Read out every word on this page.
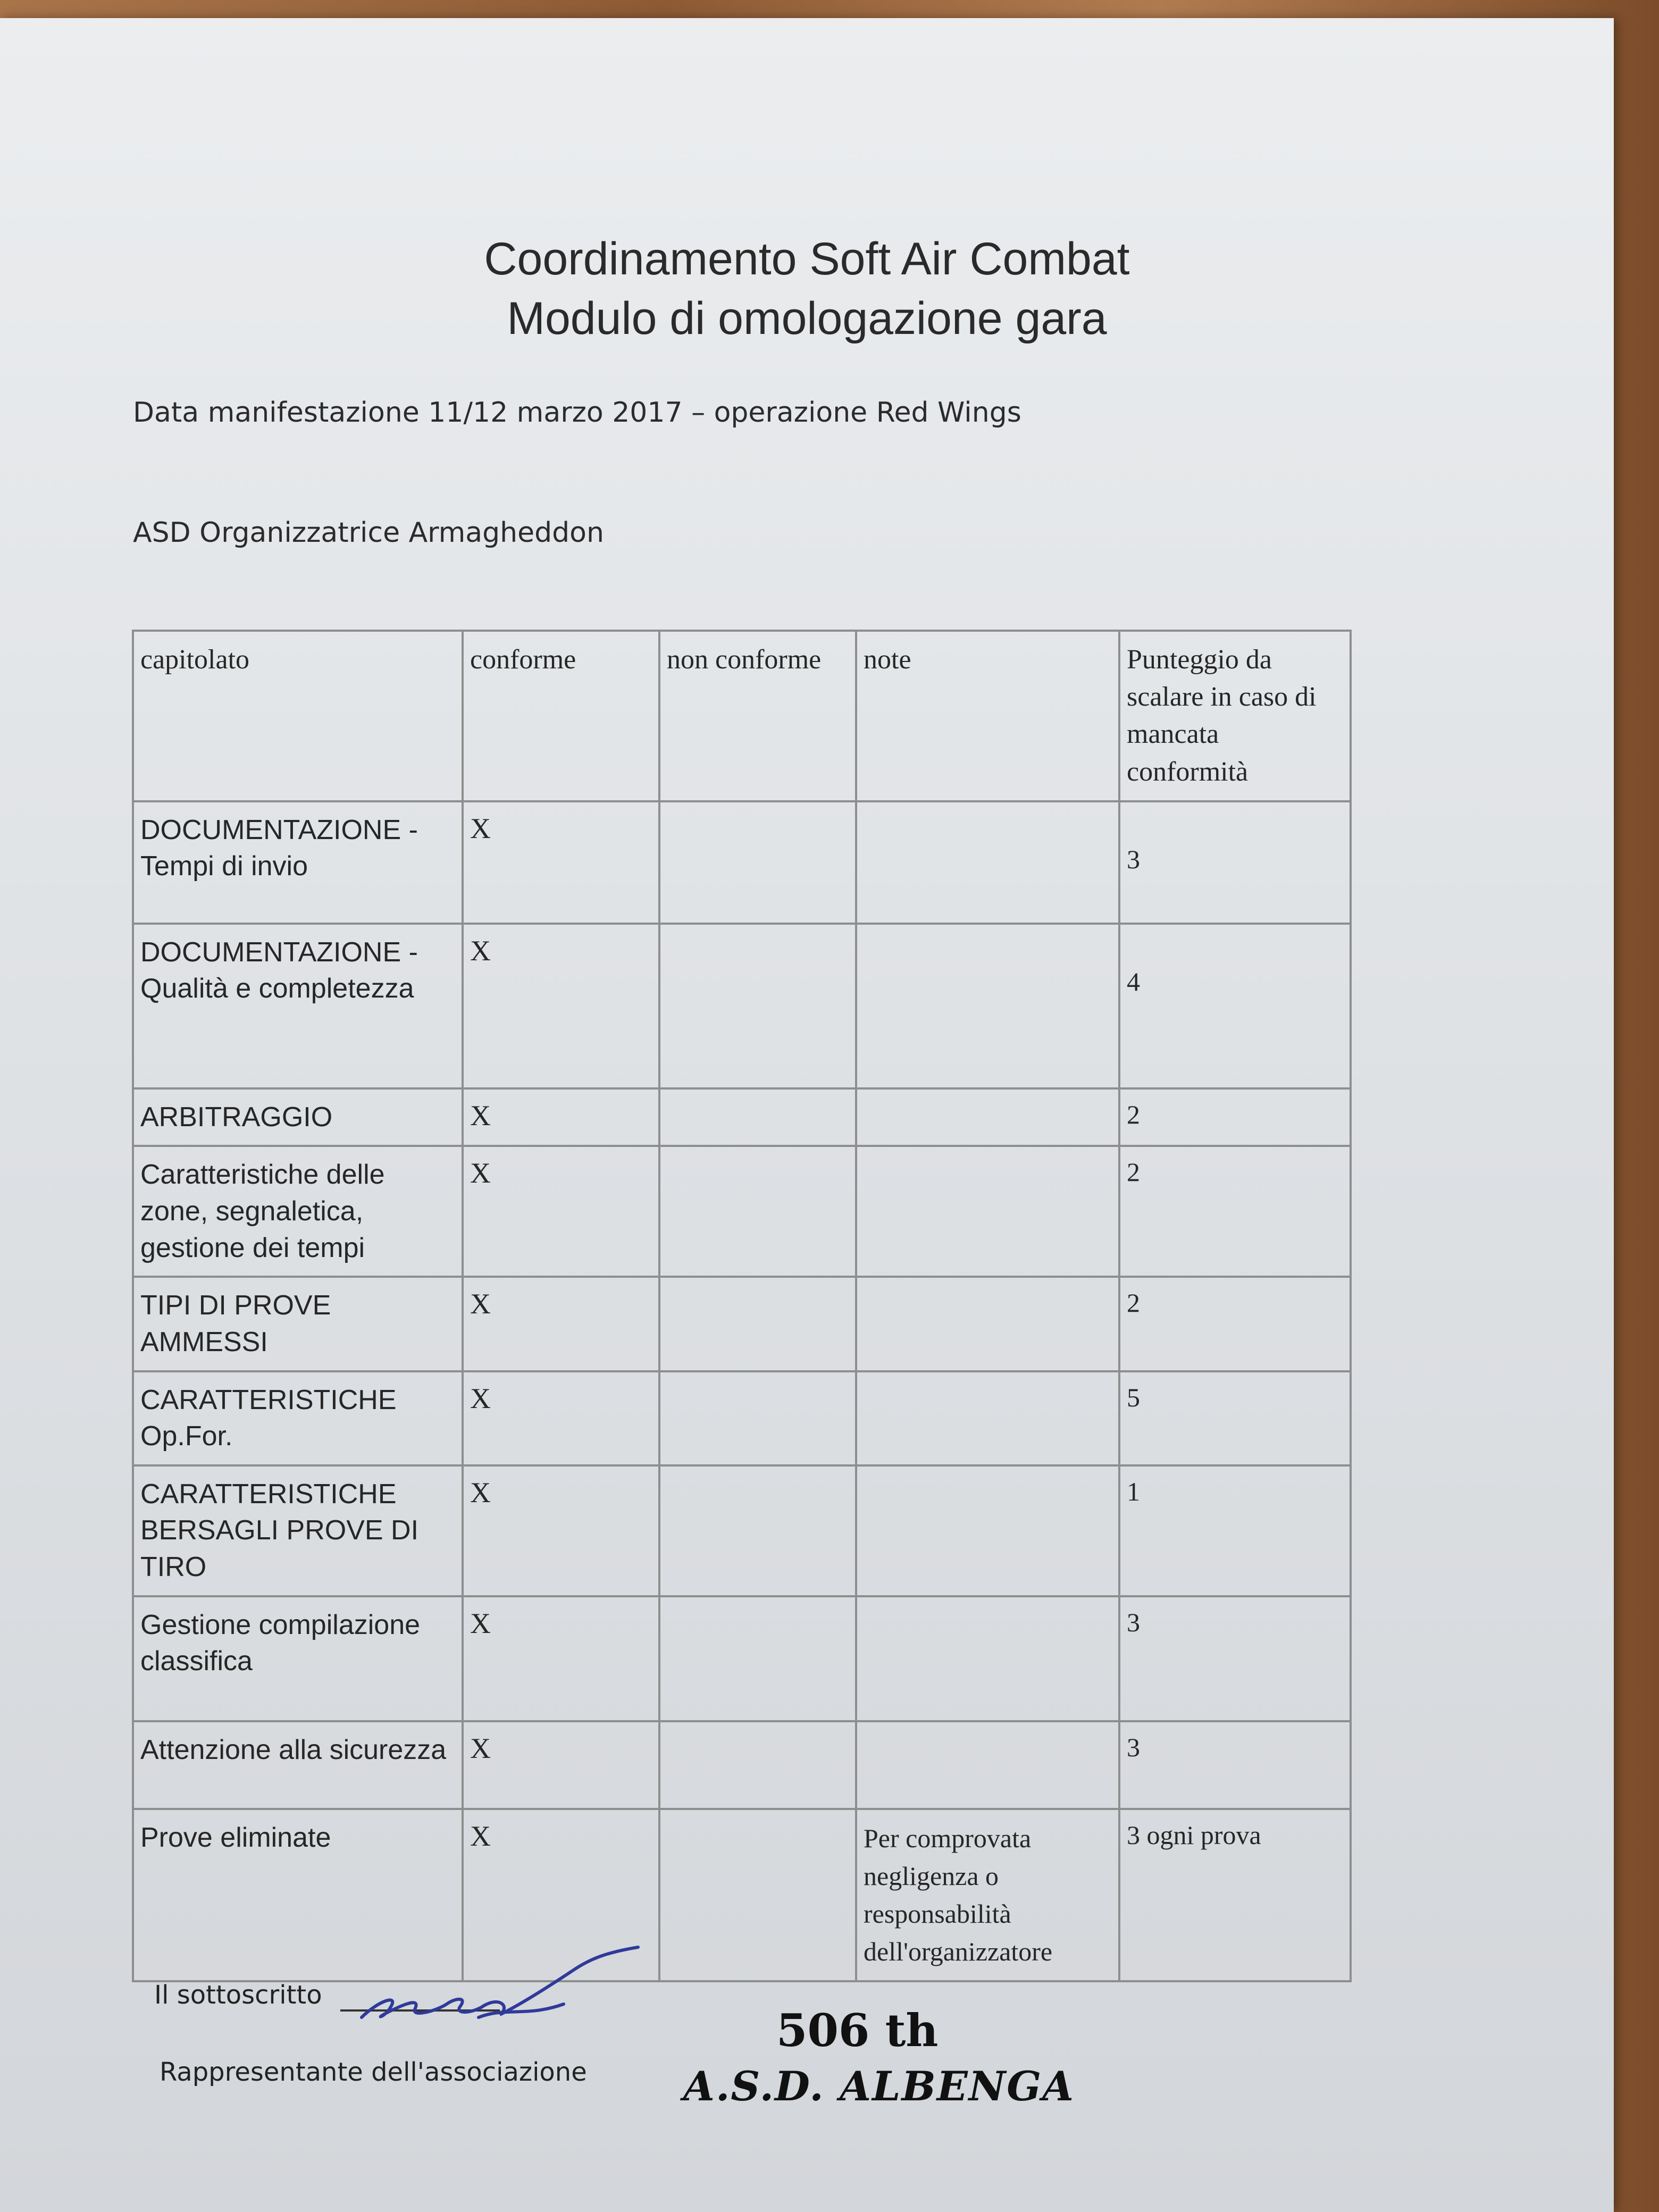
Coordinamento Soft Air Combat
Modulo di omologazione gara
Data manifestazione 11/12 marzo 2017 – operazione Red Wings
ASD Organizzatrice Armagheddon
capitolato	conforme	non conforme	note	Punteggio da scalare in caso di mancata conformità
DOCUMENTAZIONE - Tempi di invio	X			3
DOCUMENTAZIONE - Qualità e completezza	X			4
ARBITRAGGIO	X			2
Caratteristiche delle zone, segnaletica, gestione dei tempi	X			2
TIPI DI PROVE AMMESSI	X			2
CARATTERISTICHE Op.For.	X			5
CARATTERISTICHE BERSAGLI PROVE DI TIRO	X			1
Gestione compilazione classifica	X			3
Attenzione alla sicurezza	X			3
Prove eliminate	X		Per comprovata negligenza o responsabilità dell'organizzatore	3 ogni prova
Il sottoscritto
Rappresentante dell'associazione
506 th
A.S.D. ALBENGA
